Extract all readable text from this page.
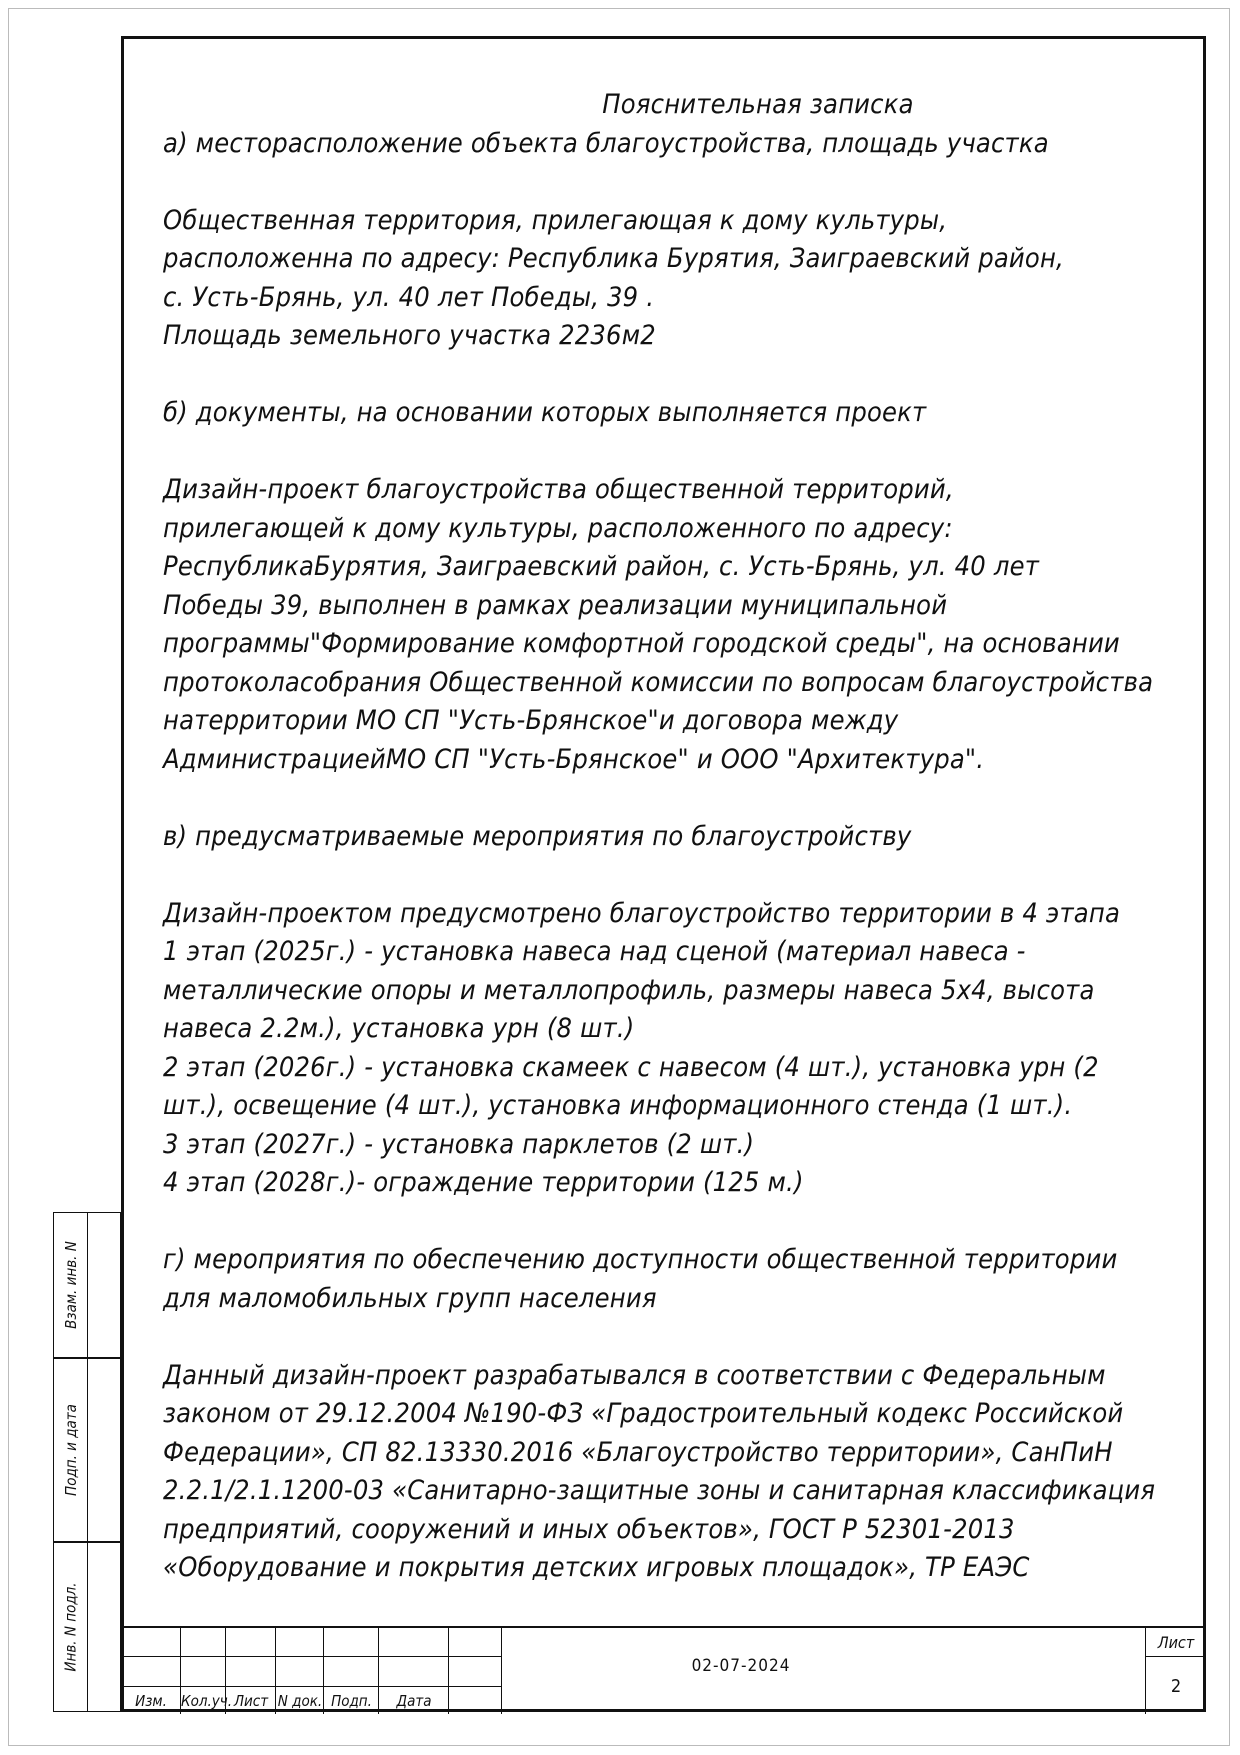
Пояснительная записка
а) месторасположение объекта благоустройства, площадь участка
Общественная территория, прилегающая к дому культуры,
расположенна по адресу: Республика Бурятия, Заиграевский район,
с. Усть-Брянь, ул. 40 лет Победы, 39 .
Площадь земельного участка 2236м2
б) документы, на основании которых выполняется проект
Дизайн-проект благоустройства общественной территорий,
прилегающей к дому культуры, расположенного по адресу:
РеспубликаБурятия, Заиграевский район, с. Усть-Брянь, ул. 40 лет
Победы 39, выполнен в рамках реализации муниципальной
программы"Формирование комфортной городской среды", на основании
протоколасобрания Общественной комиссии по вопросам благоустройства
натерритории МО СП "Усть-Брянское"и договора между
АдминистрациейМО СП "Усть-Брянское" и ООО "Архитектура".
в) предусматриваемые мероприятия по благоустройству
Дизайн-проектом предусмотрено благоустройство территории в 4 этапа
1 этап (2025г.) - установка навеса над сценой (материал навеса -
металлические опоры и металлопрофиль, размеры навеса 5х4, высота
навеса 2.2м.), установка урн (8 шт.)
2 этап (2026г.) - установка скамеек с навесом (4 шт.), установка урн (2
шт.), освещение (4 шт.), установка информационного стенда (1 шт.).
3 этап (2027г.) - установка парклетов (2 шт.)
4 этап (2028г.)- ограждение территории (125 м.)
г) мероприятия по обеспечению доступности общественной территории
для маломобильных групп населения
Данный дизайн-проект разрабатывался в соответствии с Федеральным
законом от 29.12.2004 №190-ФЗ «Градостроительный кодекс Российской
Федерации», СП 82.13330.2016 «Благоустройство территории», СанПиН
2.2.1/2.1.1200-03 «Санитарно-защитные зоны и санитарная классификация
предприятий, сооружений и иных объектов», ГОСТ Р 52301-2013
«Оборудование и покрытия детских игровых площадок», ТР ЕАЭС
Взам. инв. N
Подп. и дата
Инв. N подл.
Изм. Кол.уч. Лист N док. Подп.	Дата
02-07-2024
Лист
2
